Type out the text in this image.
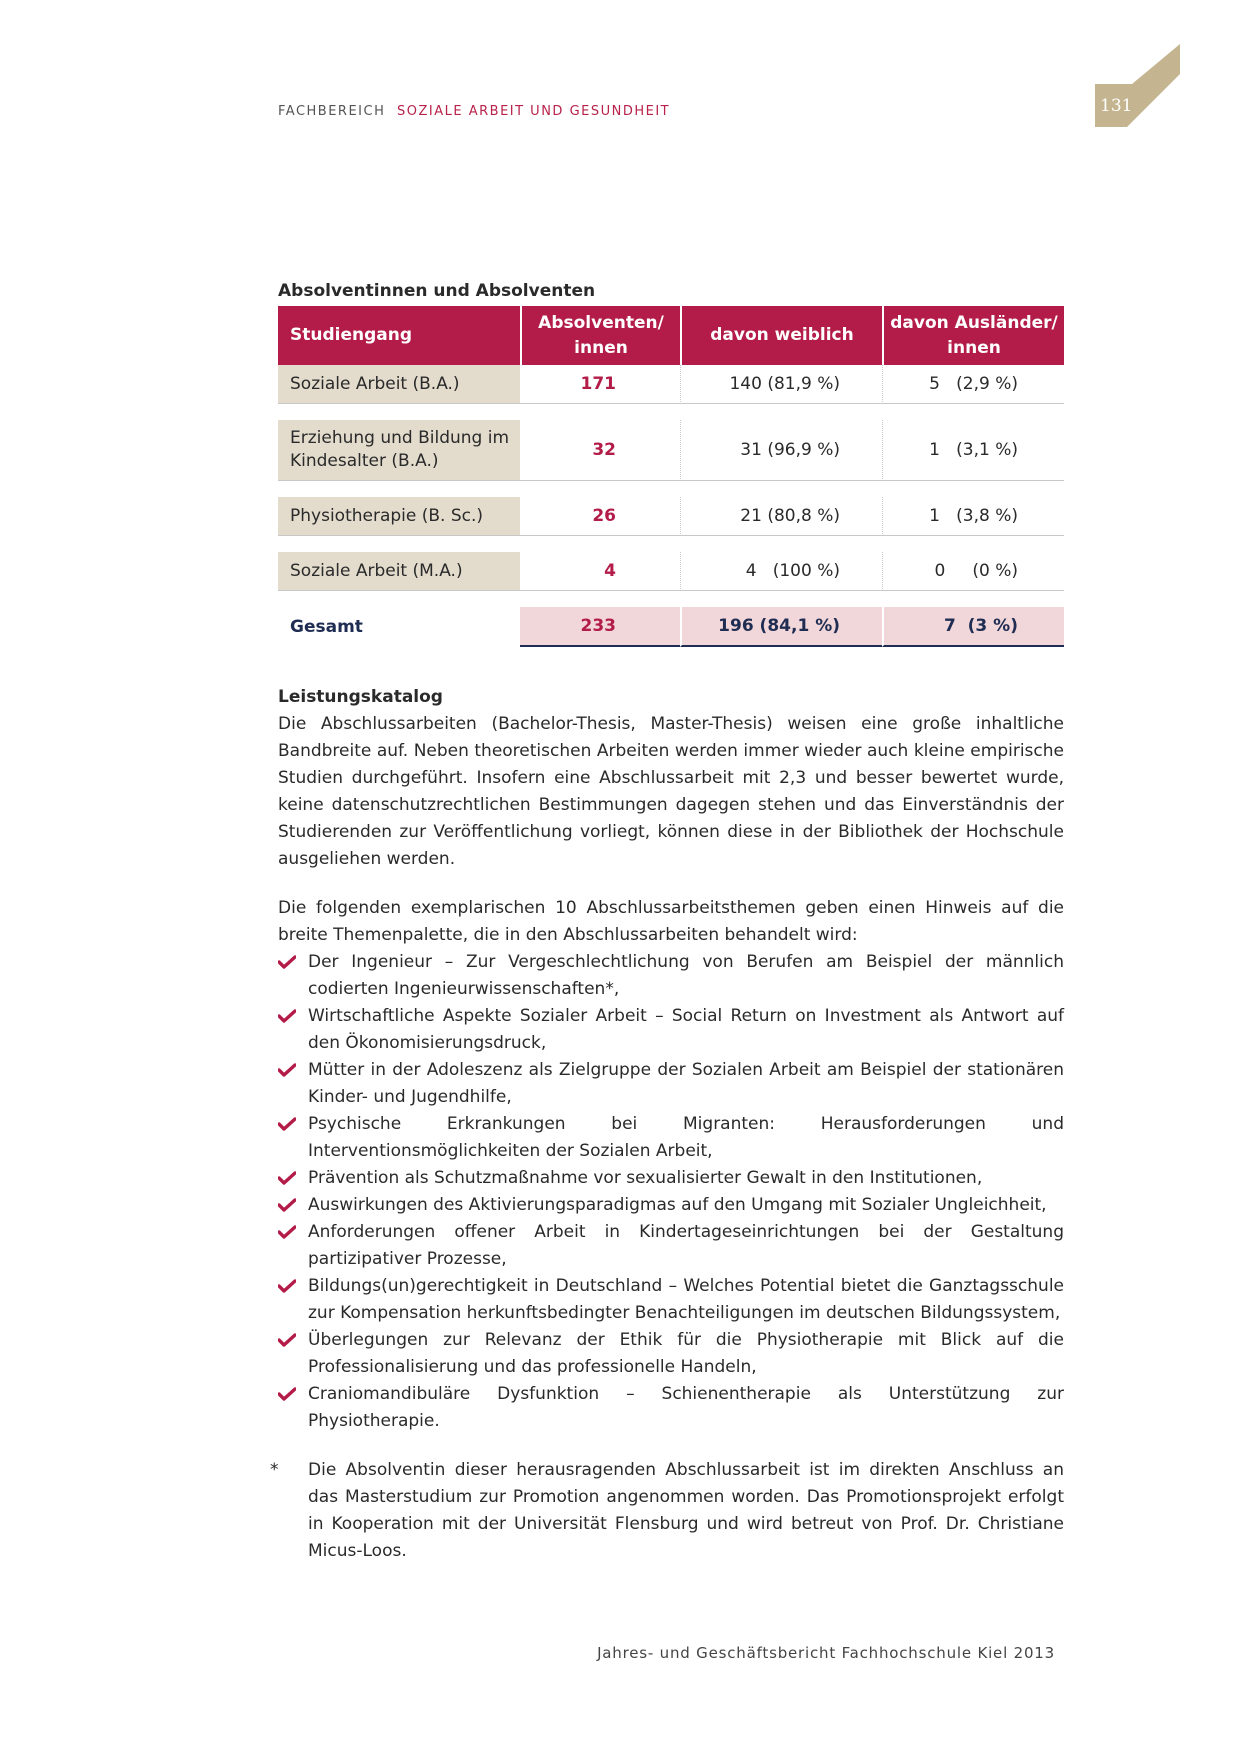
FACHBEREICH SOZIALE ARBEIT UND GESUNDHEIT	131
Absolventinnen und Absolventen
Studiengang	Absolventen/ innen	davon weiblich	davon Ausländer/ innen
Soziale Arbeit (B.A.)	171	140 (81,9 %)	5   (2,9 %)

Erziehung und Bildung im Kindesalter (B.A.)	32	31 (96,9 %)	1   (3,1 %)

Physiotherapie (B. Sc.)	26	21 (80,8 %)	1   (3,8 %)

Soziale Arbeit (M.A.)	4	4   (100 %)	0     (0 %)

Gesamt	233	196 (84,1 %)	7  (3 %)
Leistungskatalog

Die Abschlussarbeiten (Bachelor-Thesis, Master-Thesis) weisen eine große inhaltliche Bandbreite auf. Neben theoretischen Arbeiten werden immer wieder auch kleine empirische Studien durchgeführt. Insofern eine Abschlussarbeit mit 2,3 und besser bewertet wurde, keine datenschutzrechtlichen Bestimmungen dagegen stehen und das Einverständnis der Studierenden zur Veröffentlichung vorliegt, können diese in der Bibliothek der Hochschule ausgeliehen werden.

Die folgenden exemplarischen 10 Abschlussarbeitsthemen geben einen Hinweis auf die breite Themenpalette, die in den Abschlussarbeiten behandelt wird:

Der Ingenieur – Zur Vergeschlechtlichung von Berufen am Beispiel der männlich codierten Ingenieurwissenschaften*,
Wirtschaftliche Aspekte Sozialer Arbeit – Social Return on Investment als Antwort auf den Ökonomisierungsdruck,
Mütter in der Adoleszenz als Zielgruppe der Sozialen Arbeit am Beispiel der stationären Kinder- und Jugendhilfe,
Psychische Erkrankungen bei Migranten: Herausforderungen und Interventionsmöglichkeiten der Sozialen Arbeit,
Prävention als Schutzmaßnahme vor sexualisierter Gewalt in den Institutionen,
Auswirkungen des Aktivierungsparadigmas auf den Umgang mit Sozialer Ungleichheit,
Anforderungen offener Arbeit in Kindertageseinrichtungen bei der Gestaltung partizipativer Prozesse,
Bildungs(un)gerechtigkeit in Deutschland – Welches Potential bietet die Ganztagsschule zur Kompensation herkunftsbedingter Benachteiligungen im deutschen Bildungssystem,
Überlegungen zur Relevanz der Ethik für die Physiotherapie mit Blick auf die Professionalisierung und das professionelle Handeln,
Craniomandibuläre Dysfunktion – Schienentherapie als Unterstützung zur Physiotherapie.
* Die Absolventin dieser herausragenden Abschlussarbeit ist im direkten Anschluss an das Masterstudium zur Promotion angenommen worden. Das Promotionsprojekt erfolgt in Kooperation mit der Universität Flensburg und wird betreut von Prof. Dr. Christiane Micus-Loos.
Jahres- und Geschäftsbericht Fachhochschule Kiel 2013
